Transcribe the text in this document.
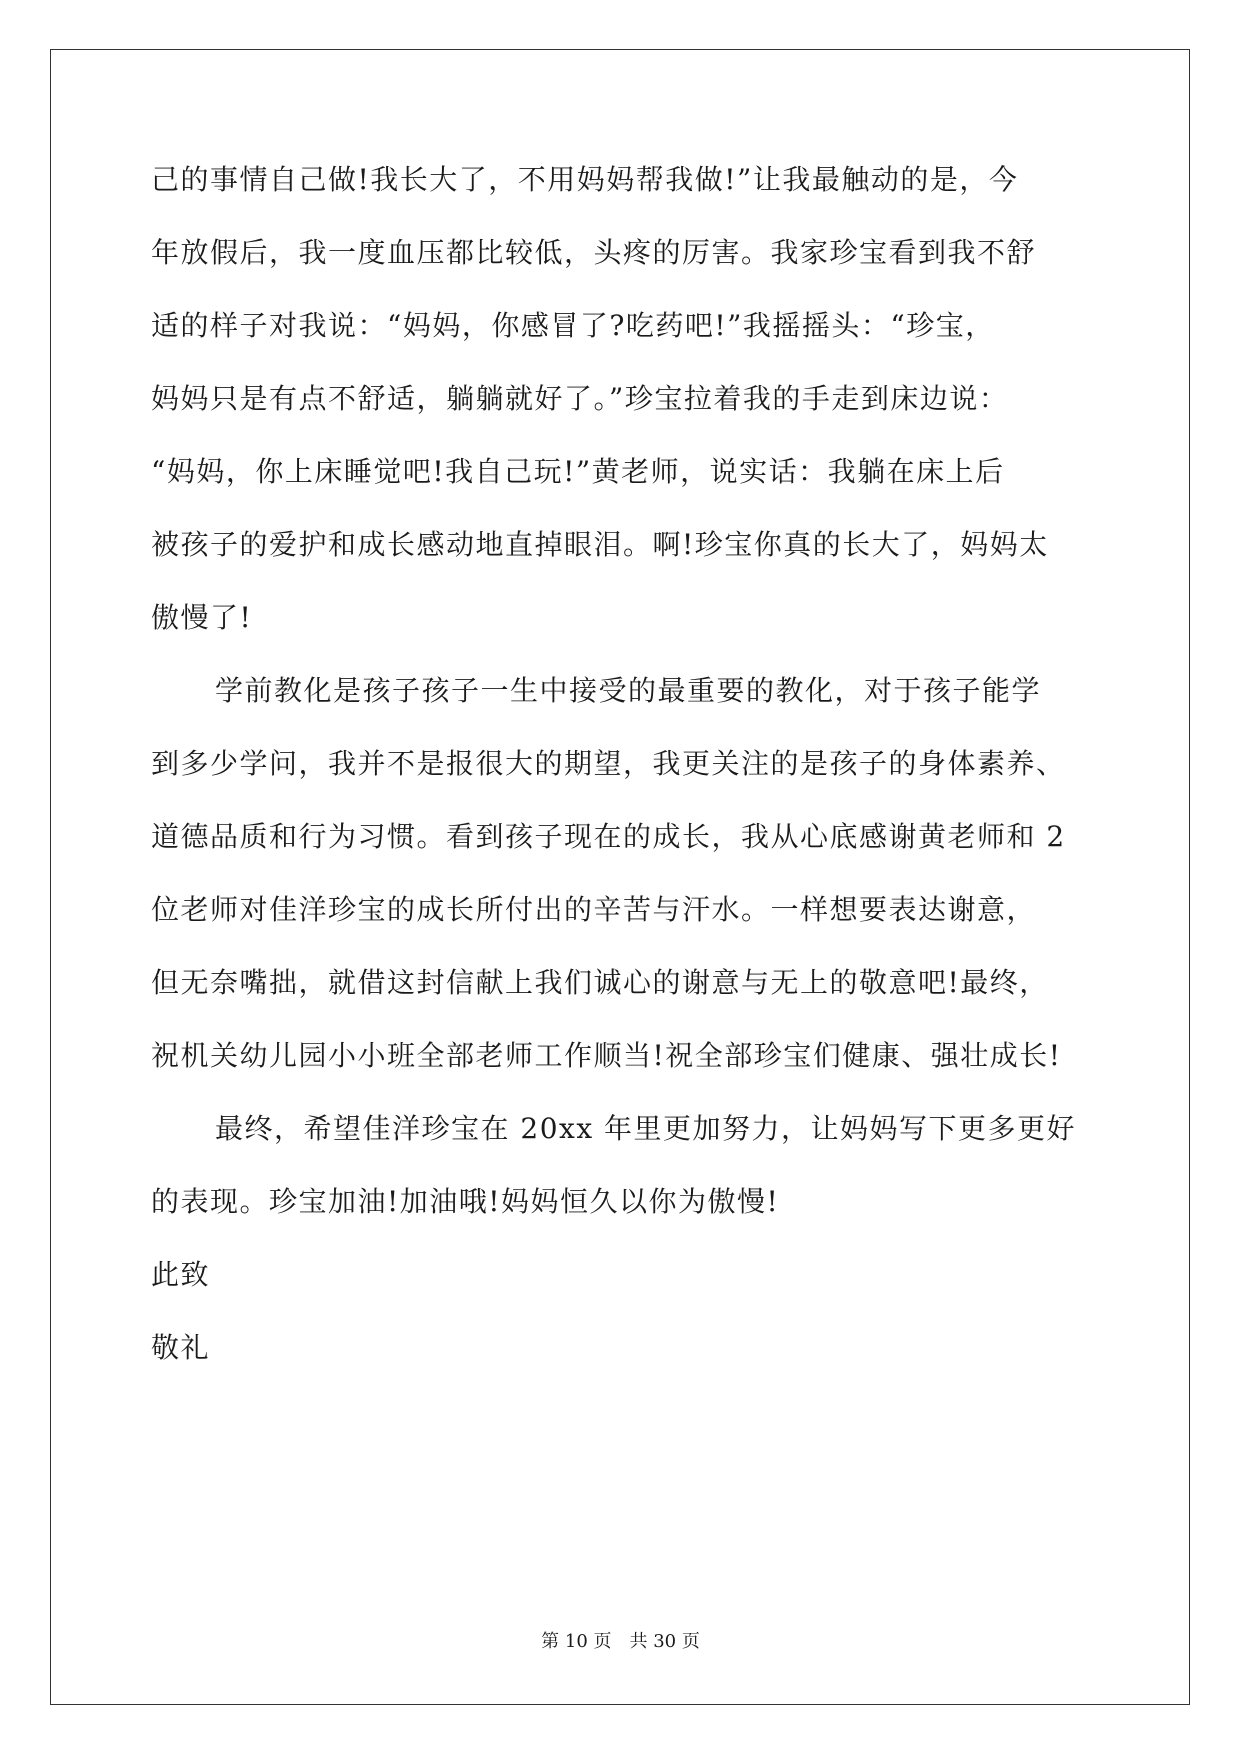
己的事情自己做!我长大了，不用妈妈帮我做!”让我最触动的是，今
年放假后，我一度血压都比较低，头疼的厉害。我家珍宝看到我不舒
适的样子对我说：“妈妈，你感冒了?吃药吧!”我摇摇头：“珍宝，
妈妈只是有点不舒适，躺躺就好了。”珍宝拉着我的手走到床边说：
“妈妈，你上床睡觉吧!我自己玩!”黄老师，说实话：我躺在床上后
被孩子的爱护和成长感动地直掉眼泪。啊!珍宝你真的长大了，妈妈太
傲慢了!
学前教化是孩子孩子一生中接受的最重要的教化，对于孩子能学
到多少学问，我并不是报很大的期望，我更关注的是孩子的身体素养、
道德品质和行为习惯。看到孩子现在的成长，我从心底感谢黄老师和 2
位老师对佳洋珍宝的成长所付出的辛苦与汗水。一样想要表达谢意，
但无奈嘴拙，就借这封信献上我们诚心的谢意与无上的敬意吧!最终，
祝机关幼儿园小小班全部老师工作顺当!祝全部珍宝们健康、强壮成长!
最终，希望佳洋珍宝在 20xx 年里更加努力，让妈妈写下更多更好
的表现。珍宝加油!加油哦!妈妈恒久以你为傲慢!
此致
敬礼
第 10 页　共 30 页
